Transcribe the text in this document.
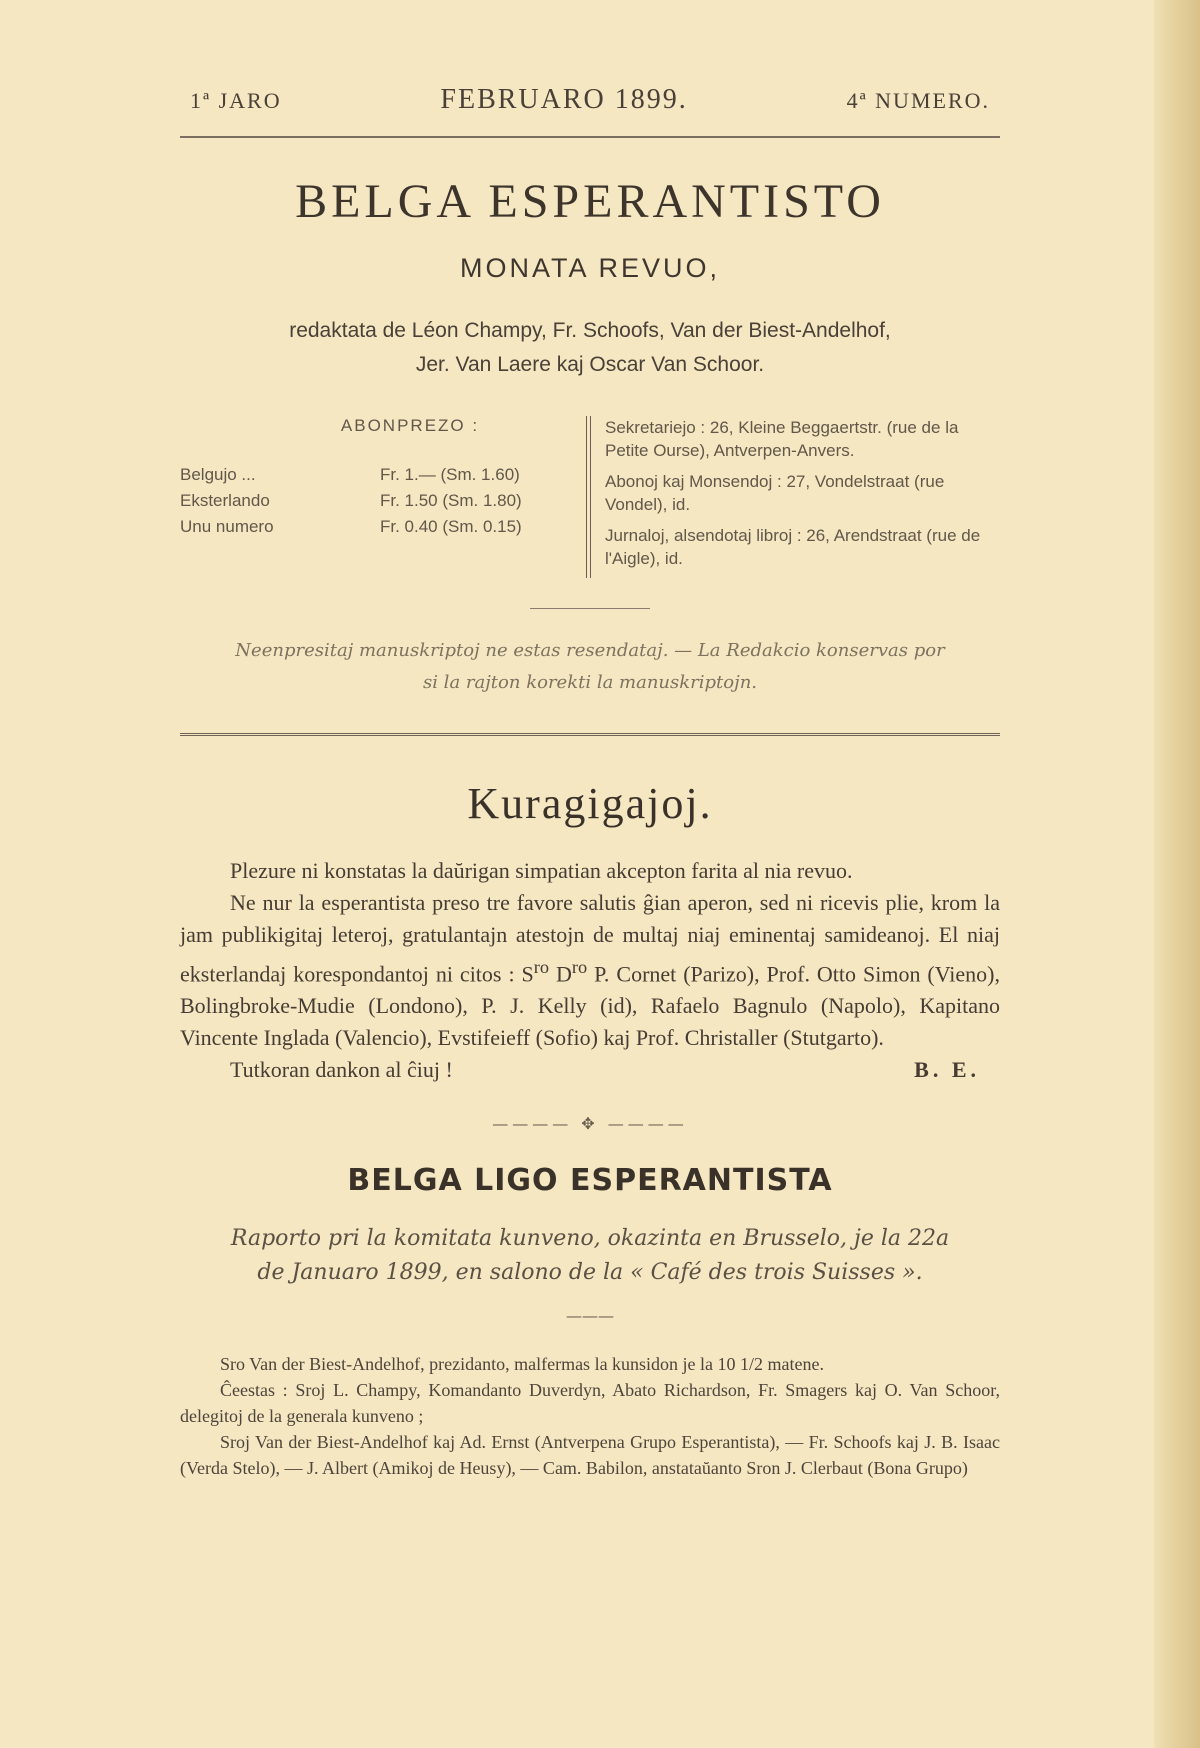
1ª JARO	FEBRUARO 1899.	4ª NUMERO.
BELGA ESPERANTISTO
MONATA REVUO,
redaktata de Léon Champy, Fr. Schoofs, Van der Biest-Andelhof,
Jer. Van Laere kaj Oscar Van Schoor.
ABONPREZO :
Belgujo ...	Fr. 1.— (Sm. 1.60)
Eksterlando	Fr. 1.50 (Sm. 1.80)
Unu numero	Fr. 0.40 (Sm. 0.15)

Sekretariejo : 26, Kleine Beggaertstr. (rue de la Petite Ourse), Antverpen-Anvers.

Abonoj kaj Monsendoj : 27, Vondelstraat (rue Vondel), id.

Jurnaloj, alsendotaj libroj : 26, Arendstraat (rue de l'Aigle), id.

Neenpresitaj manuskriptoj ne estas resendataj. — La Redakcio konservas por
si la rajton korekti la manuskriptojn.
Kuragigajoj.

Plezure ni konstatas la daŭrigan simpatian akcepton farita al nia revuo.

Ne nur la esperantista preso tre favore salutis ĝian aperon, sed ni ricevis plie, krom la jam publikigitaj leteroj, gratulantajn atestojn de multaj niaj eminentaj samideanoj. El niaj eksterlandaj korespondantoj ni citos : $S^{ro}$ $D^{ro}$ P. Cornet (Parizo), Prof. Otto Simon (Vieno), Bolingbroke-Mudie (Londono), P. J. Kelly (id), Rafaelo Bagnulo (Napolo), Kapitano Vincente Inglada (Valencio), Evstifeieff (Sofio) kaj Prof. Christaller (Stutgarto).

Tutkoran dankon al ĉiuj !	B. E.
———— ✥ ————
BELGA LIGO ESPERANTISTA
Raporto pri la komitata kunveno, okazinta en Brusselo, je la 22a
de Januaro 1899, en salono de la « Café des trois Suisses ».
———

Sro Van der Biest-Andelhof, prezidanto, malfermas la kunsidon je la 10 1/2 matene.

Ĉeestas : Sroj L. Champy, Komandanto Duverdyn, Abato Richardson, Fr. Smagers kaj O. Van Schoor, delegitoj de la generala kunveno ;

Sroj Van der Biest-Andelhof kaj Ad. Ernst (Antverpena Grupo Esperantista), — Fr. Schoofs kaj J. B. Isaac (Verda Stelo), — J. Albert (Amikoj de Heusy), — Cam. Babilon, anstataŭanto Sron J. Clerbaut (Bona Grupo)
